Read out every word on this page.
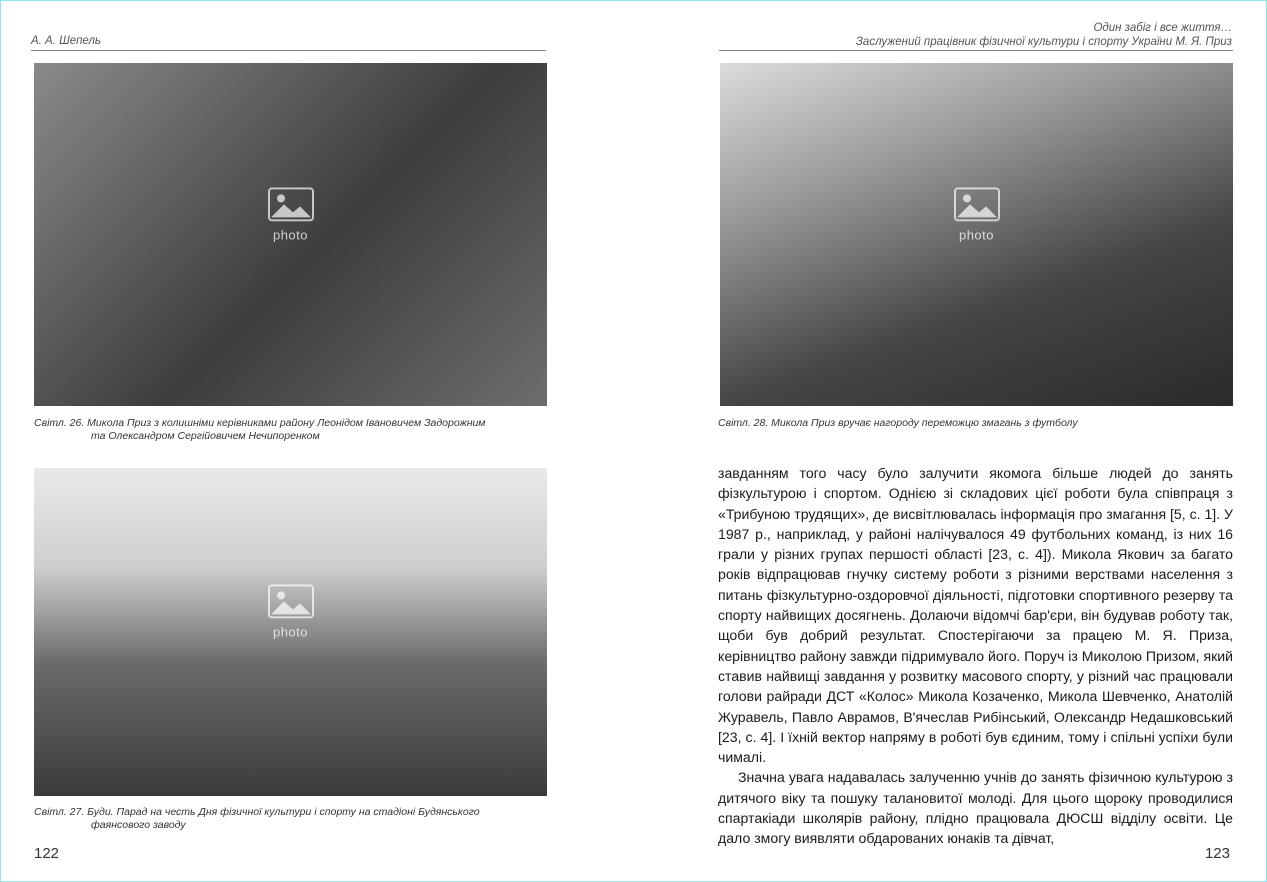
А. А. Шепель
photo
Світл. 26. Микола Приз з колишніми керівниками району Леонідом Івановичем Задорожним
та Олександром Сергійовичем Нечипоренком
photo
Світл. 27. Буди. Парад на честь Дня фізичної культури і спорту на стадіоні Будянського
фаянсового заводу
122
Один забіг і все життя…
Заслужений працівник фізичної культури і спорту України М. Я. Приз
photo
Світл. 28. Микола Приз вручає нагороду переможцю змагань з футболу

завданням того часу було залучити якомога більше людей до занять фізкультурою і спортом. Однією зі складових цієї роботи була співпраця з «Трибуною трудящих», де висвітлювалась інформація про змагання [5, с. 1]. У 1987 р., наприклад, у районі налічувалося 49 футбольних команд, із них 16 грали у різних групах першості області [23, с. 4]). Микола Якович за багато років відпрацював гнучку систему роботи з різними верствами населення з питань фізкультурно-оздоровчої діяльності, підготовки спортивного резерву та спорту найвищих досягнень. Долаючи відомчі бар'єри, він будував роботу так, щоби був добрий результат. Спостерігаючи за працею М. Я. Приза, керівництво району завжди підримувало його. Поруч із Миколою Призом, який ставив найвищі завдання у розвитку масового спорту, у різний час працювали голови райради ДСТ «Колос» Микола Козаченко, Микола Шевченко, Анатолій Журавель, Павло Аврамов, В'ячеслав Рибінський, Олександр Недашковський [23, с. 4]. І їхній вектор напряму в роботі був єдиним, тому і спільні успіхи були чималі.

Значна увага надавалась залученню учнів до занять фізичною культурою з дитячого віку та пошуку талановитої молоді. Для цього щороку проводилися спартакіади школярів району, плідно працювала ДЮСШ відділу освіти. Це дало змогу виявляти обдарованих юнаків та дівчат,

123
